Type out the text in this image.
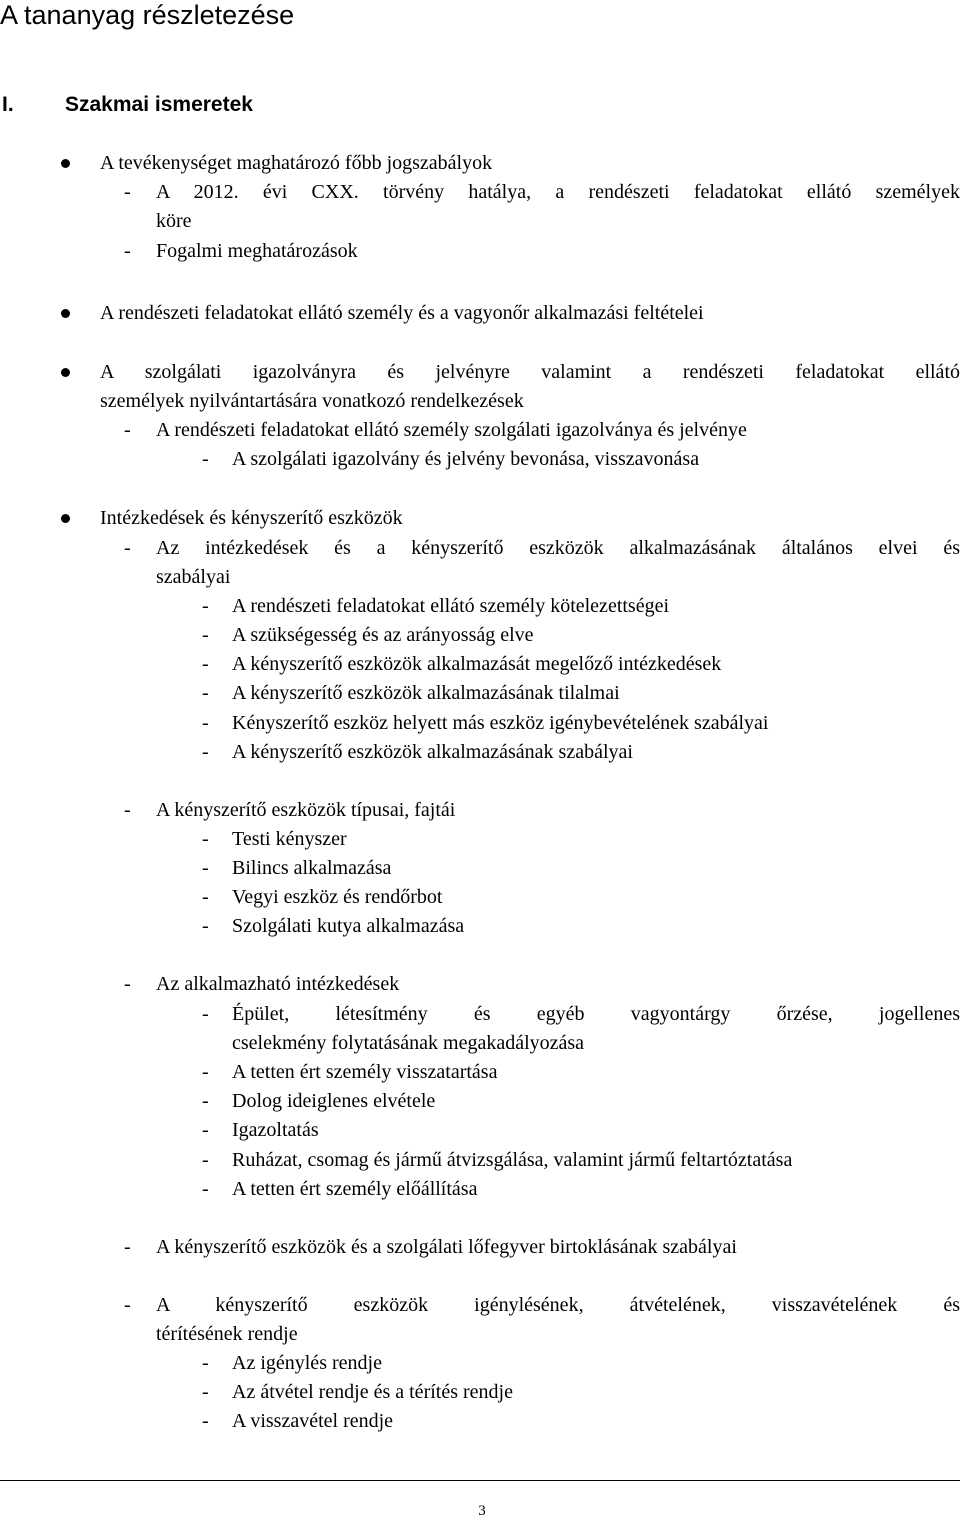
A tananyag részletezése
I. Szakmai ismeretek
A tevékenységet maghatározó főbb jogszabályok
- A 2012. évi CXX. törvény hatálya, a rendészeti feladatokat ellátó személyek
köre
- Fogalmi meghatározások
A rendészeti feladatokat ellátó személy és a vagyonőr alkalmazási feltételei
A szolgálati igazolványra és jelvényre valamint a rendészeti feladatokat ellátó
személyek nyilvántartására vonatkozó rendelkezések
- A rendészeti feladatokat ellátó személy szolgálati igazolványa és jelvénye
- A szolgálati igazolvány és jelvény bevonása, visszavonása
Intézkedések és kényszerítő eszközök
- Az intézkedések és a kényszerítő eszközök alkalmazásának általános elvei és
szabályai
- A rendészeti feladatokat ellátó személy kötelezettségei
- A szükségesség és az arányosság elve
- A kényszerítő eszközök alkalmazását megelőző intézkedések
- A kényszerítő eszközök alkalmazásának tilalmai
- Kényszerítő eszköz helyett más eszköz igénybevételének szabályai
- A kényszerítő eszközök alkalmazásának szabályai
- A kényszerítő eszközök típusai, fajtái
- Testi kényszer
- Bilincs alkalmazása
- Vegyi eszköz és rendőrbot
- Szolgálati kutya alkalmazása
- Az alkalmazható intézkedések
- Épület, létesítmény és egyéb vagyontárgy őrzése, jogellenes
cselekmény folytatásának megakadályozása
- A tetten ért személy visszatartása
- Dolog ideiglenes elvétele
- Igazoltatás
- Ruházat, csomag és jármű átvizsgálása, valamint jármű feltartóztatása
- A tetten ért személy előállítása
- A kényszerítő eszközök és a szolgálati lőfegyver birtoklásának szabályai
- A kényszerítő eszközök igénylésének, átvételének, visszavételének és
térítésének rendje
- Az igénylés rendje
- Az átvétel rendje és a térítés rendje
- A visszavétel rendje
3
